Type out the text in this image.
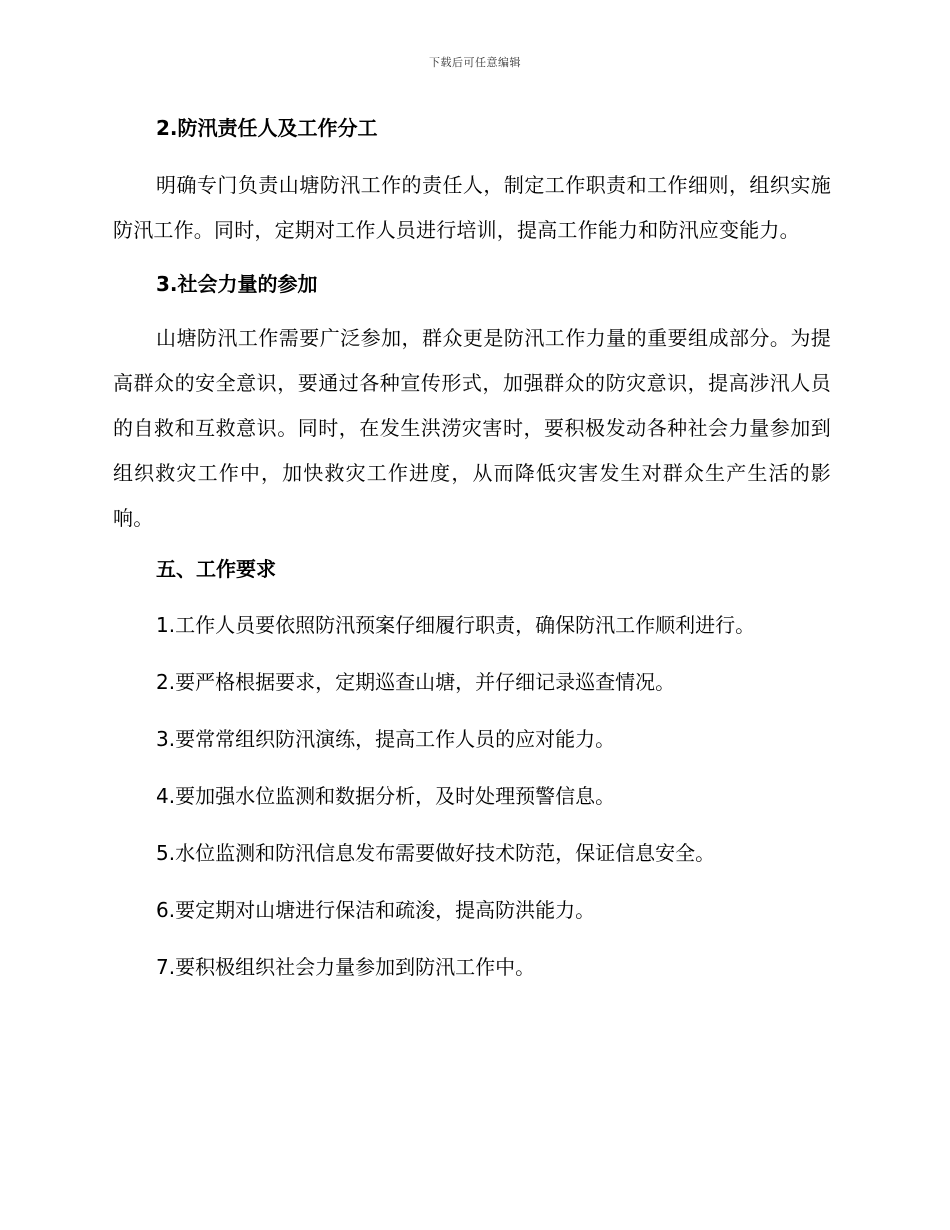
下载后可任意编辑

2.防汛责任人及工作分工

明确专门负责山塘防汛工作的责任人，制定工作职责和工作细则，组织实施防汛工作。同时，定期对工作人员进行培训，提高工作能力和防汛应变能力。

3.社会力量的参加

山塘防汛工作需要广泛参加，群众更是防汛工作力量的重要组成部分。为提高群众的安全意识，要通过各种宣传形式，加强群众的防灾意识，提高涉汛人员的自救和互救意识。同时，在发生洪涝灾害时，要积极发动各种社会力量参加到组织救灾工作中，加快救灾工作进度，从而降低灾害发生对群众生产生活的影响。

五、工作要求

1.工作人员要依照防汛预案仔细履行职责，确保防汛工作顺利进行。

2.要严格根据要求，定期巡查山塘，并仔细记录巡查情况。

3.要常常组织防汛演练，提高工作人员的应对能力。

4.要加强水位监测和数据分析，及时处理预警信息。

5.水位监测和防汛信息发布需要做好技术防范，保证信息安全。

6.要定期对山塘进行保洁和疏浚，提高防洪能力。

7.要积极组织社会力量参加到防汛工作中。
